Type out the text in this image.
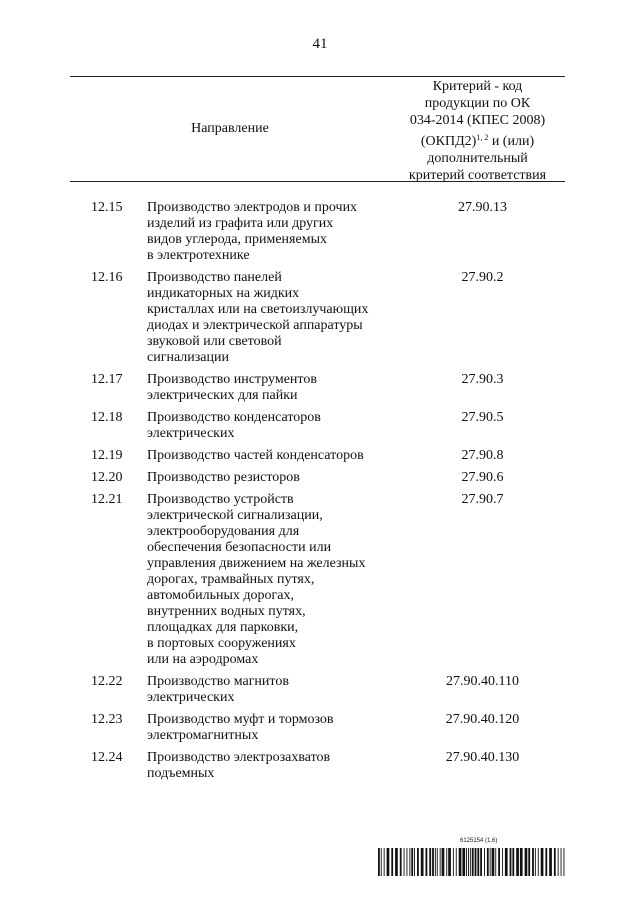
41
Направление
Критерий - код
продукции по ОК
034-2014 (КПЕС 2008)
(ОКПД2)$^{1, 2}$ и (или)
дополнительный
критерий соответствия
12.15 Производство электродов и прочих
изделий из графита или других
видов углерода, применяемых
в электротехнике
27.90.13
12.16 Производство панелей
индикаторных на жидких
кристаллах или на светоизлучающих
диодах и электрической аппаратуры
звуковой или световой
сигнализации
27.90.2
12.17 Производство инструментов
электрических для пайки
27.90.3
12.18 Производство конденсаторов
электрических
27.90.5
12.19 Производство частей конденсаторов	27.90.8
12.20 Производство резисторов	27.90.6
12.21 Производство устройств
электрической сигнализации,
электрооборудования для
обеспечения безопасности или
управления движением на железных
дорогах, трамвайных путях,
автомобильных дорогах,
внутренних водных путях,
площадках для парковки,
в портовых сооружениях
или на аэродромах
27.90.7
12.22 Производство магнитов
электрических
27.90.40.110
12.23 Производство муфт и тормозов
электромагнитных
27.90.40.120
12.24 Производство электрозахватов
подъемных
27.90.40.130
6125154 (1.6)
